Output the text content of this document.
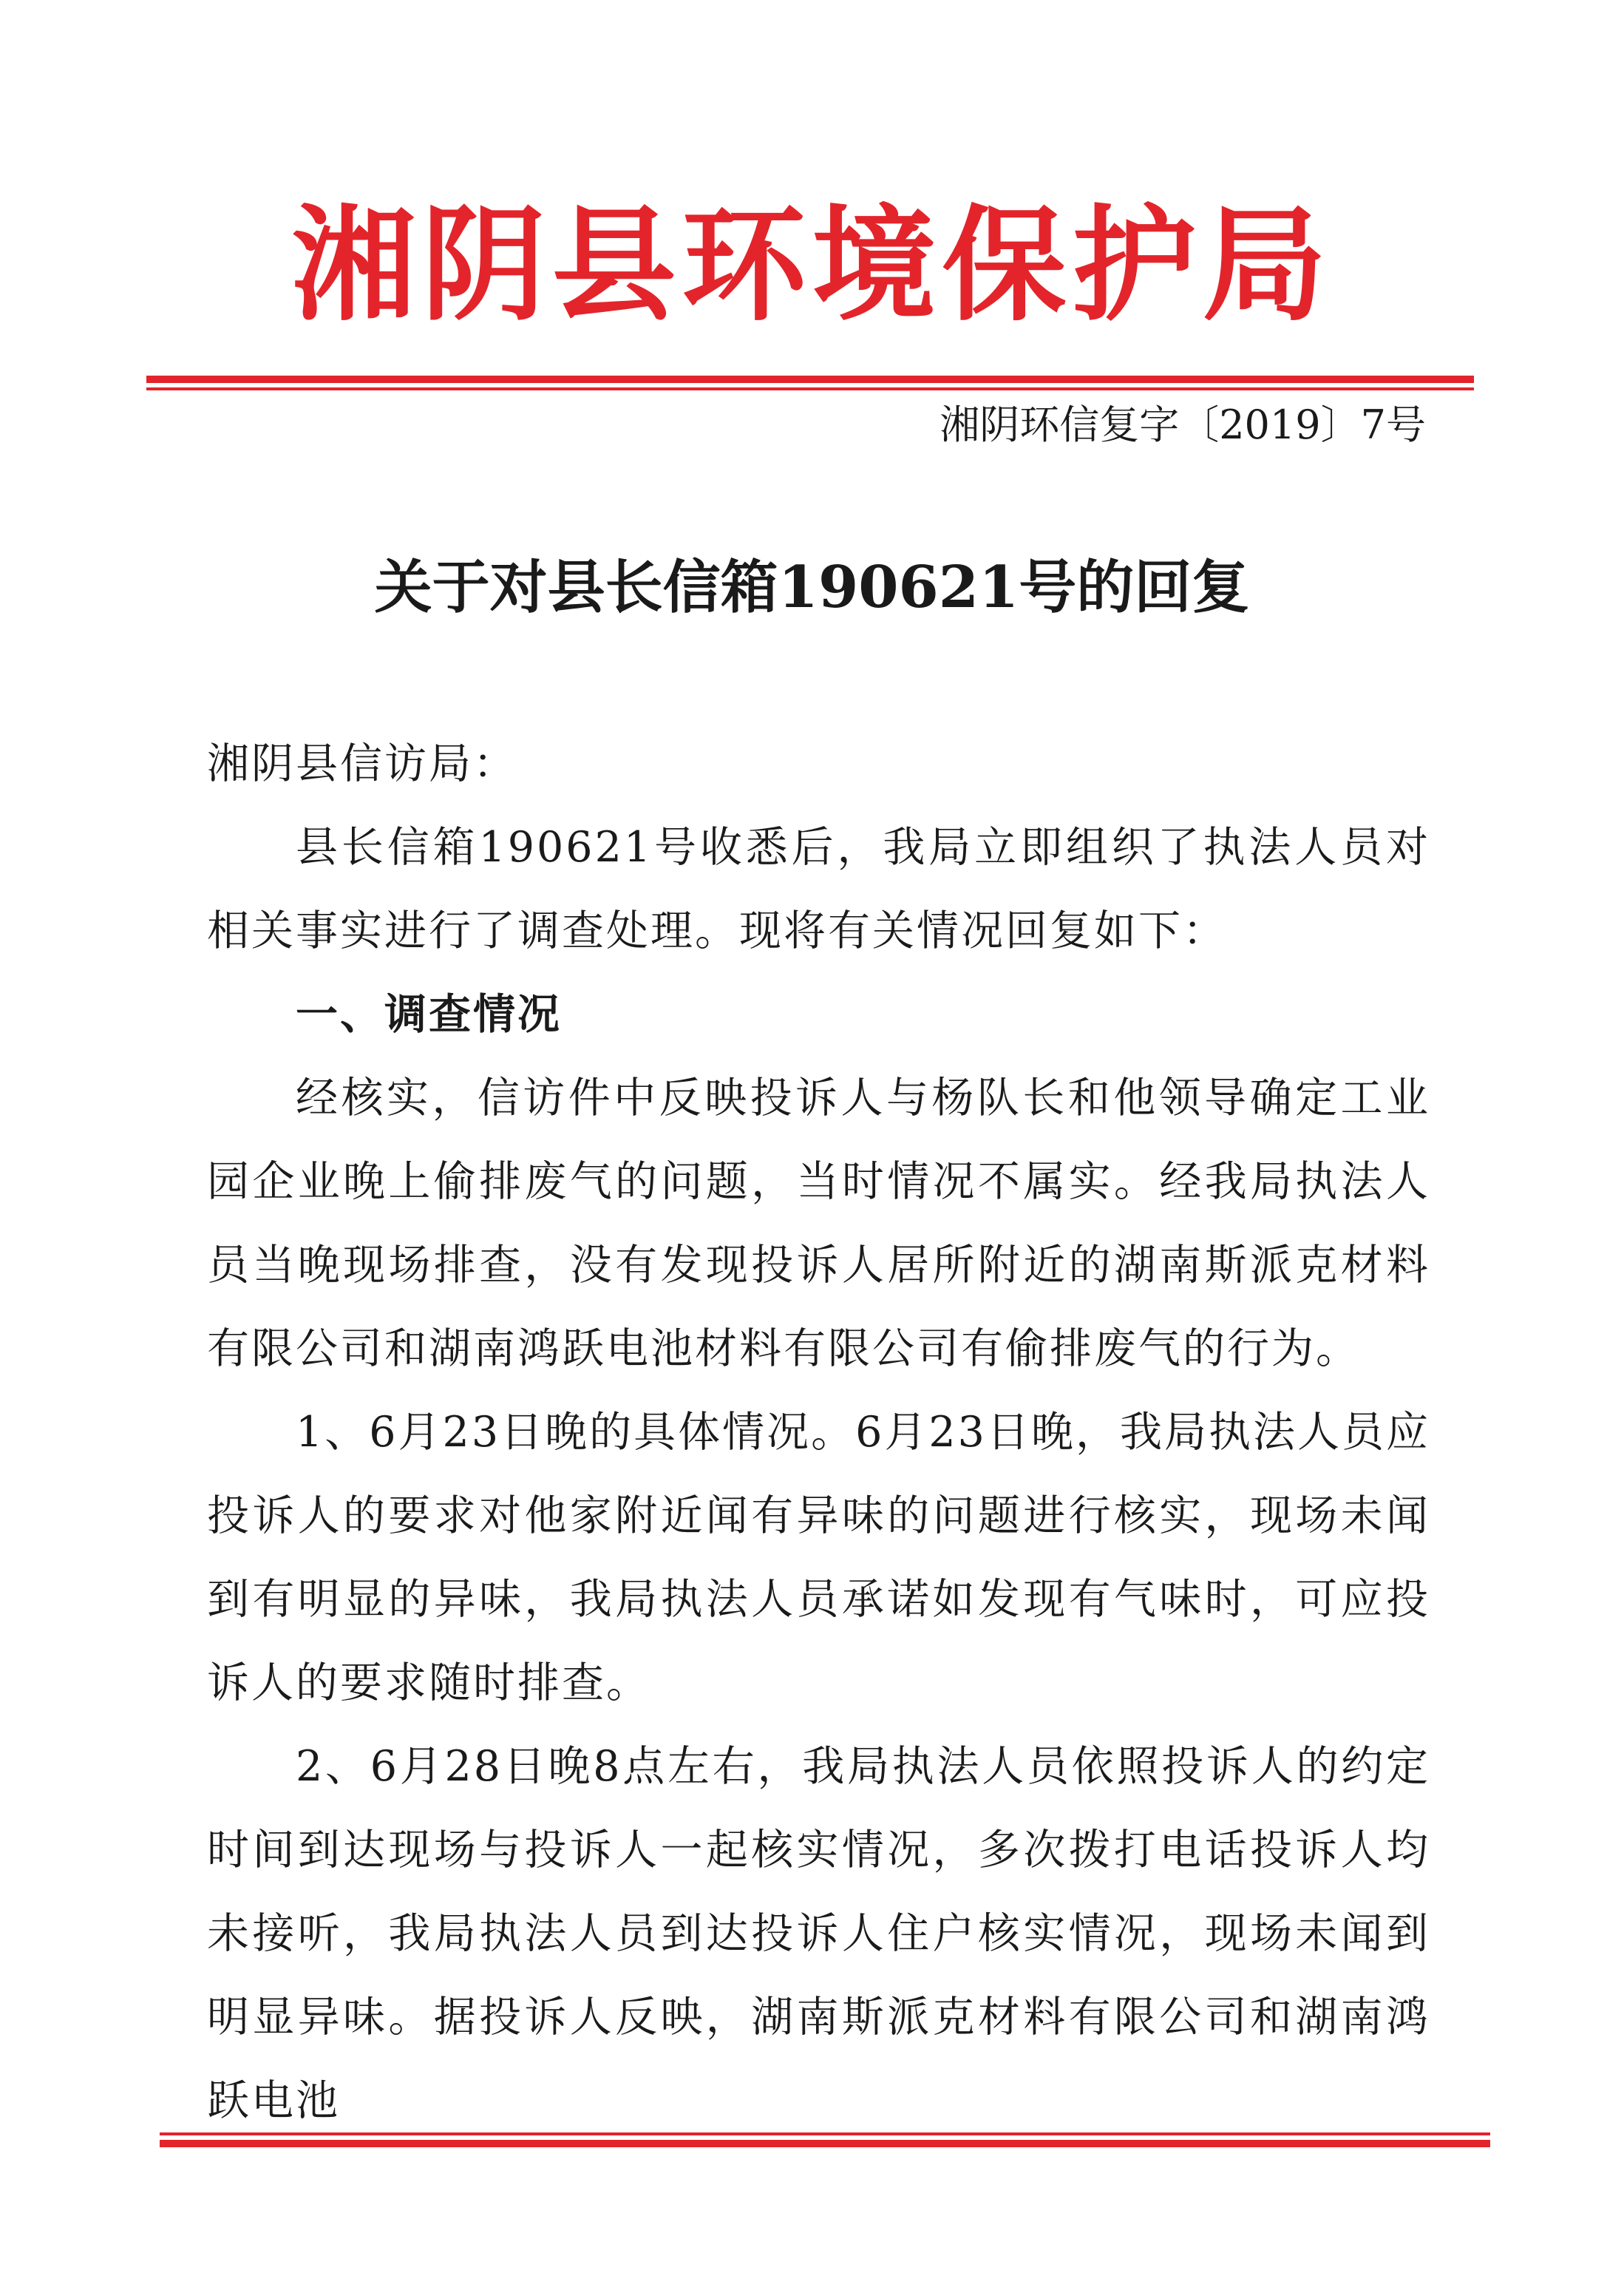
湘阴县环境保护局
湘阴环信复字〔2019〕7号
关于对县长信箱190621号的回复
湘阴县信访局：

县长信箱190621号收悉后，我局立即组织了执法人员对相关事实进行了调查处理。现将有关情况回复如下：

一、调查情况

经核实，信访件中反映投诉人与杨队长和他领导确定工业园企业晚上偷排废气的问题，当时情况不属实。经我局执法人员当晚现场排查，没有发现投诉人居所附近的湖南斯派克材料有限公司和湖南鸿跃电池材料有限公司有偷排废气的行为。

1、6月23日晚的具体情况。6月23日晚，我局执法人员应投诉人的要求对他家附近闻有异味的问题进行核实，现场未闻到有明显的异味，我局执法人员承诺如发现有气味时，可应投诉人的要求随时排查。

2、6月28日晚8点左右，我局执法人员依照投诉人的约定时间到达现场与投诉人一起核实情况，多次拨打电话投诉人均未接听，我局执法人员到达投诉人住户核实情况，现场未闻到明显异味。据投诉人反映，湖南斯派克材料有限公司和湖南鸿跃电池
